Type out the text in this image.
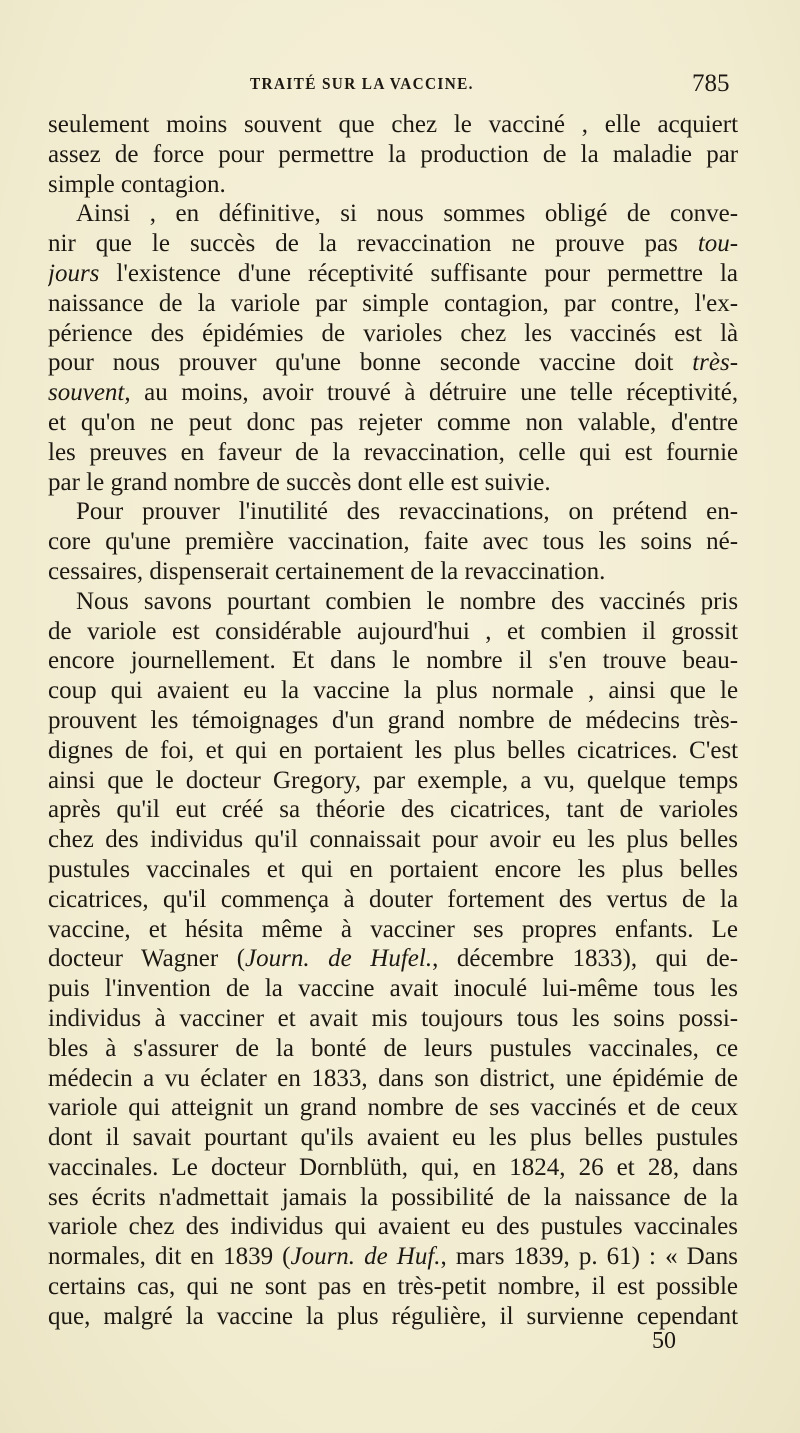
TRAITÉ SUR LA VACCINE.	785
seulement moins souvent que chez le vacciné , elle acquiert
assez de force pour permettre la production de la maladie par
simple contagion.
Ainsi , en définitive, si nous sommes obligé de conve-
nir que le succès de la revaccination ne prouve pas tou-
jours l'existence d'une réceptivité suffisante pour permettre la
naissance de la variole par simple contagion, par contre, l'ex-
périence des épidémies de varioles chez les vaccinés est là
pour nous prouver qu'une bonne seconde vaccine doit très-
souvent, au moins, avoir trouvé à détruire une telle réceptivité,
et qu'on ne peut donc pas rejeter comme non valable, d'entre
les preuves en faveur de la revaccination, celle qui est fournie
par le grand nombre de succès dont elle est suivie.
Pour prouver l'inutilité des revaccinations, on prétend en-
core qu'une première vaccination, faite avec tous les soins né-
cessaires, dispenserait certainement de la revaccination.
Nous savons pourtant combien le nombre des vaccinés pris
de variole est considérable aujourd'hui , et combien il grossit
encore journellement. Et dans le nombre il s'en trouve beau-
coup qui avaient eu la vaccine la plus normale , ainsi que le
prouvent les témoignages d'un grand nombre de médecins très-
dignes de foi, et qui en portaient les plus belles cicatrices. C'est
ainsi que le docteur Gregory, par exemple, a vu, quelque temps
après qu'il eut créé sa théorie des cicatrices, tant de varioles
chez des individus qu'il connaissait pour avoir eu les plus belles
pustules vaccinales et qui en portaient encore les plus belles
cicatrices, qu'il commença à douter fortement des vertus de la
vaccine, et hésita même à vacciner ses propres enfants. Le
docteur Wagner (Journ. de Hufel., décembre 1833), qui de-
puis l'invention de la vaccine avait inoculé lui-même tous les
individus à vacciner et avait mis toujours tous les soins possi-
bles à s'assurer de la bonté de leurs pustules vaccinales, ce
médecin a vu éclater en 1833, dans son district, une épidémie de
variole qui atteignit un grand nombre de ses vaccinés et de ceux
dont il savait pourtant qu'ils avaient eu les plus belles pustules
vaccinales. Le docteur Dornblüth, qui, en 1824, 26 et 28, dans
ses écrits n'admettait jamais la possibilité de la naissance de la
variole chez des individus qui avaient eu des pustules vaccinales
normales, dit en 1839 (Journ. de Huf., mars 1839, p. 61) : « Dans
certains cas, qui ne sont pas en très-petit nombre, il est possible
que, malgré la vaccine la plus régulière, il survienne cependant
50
